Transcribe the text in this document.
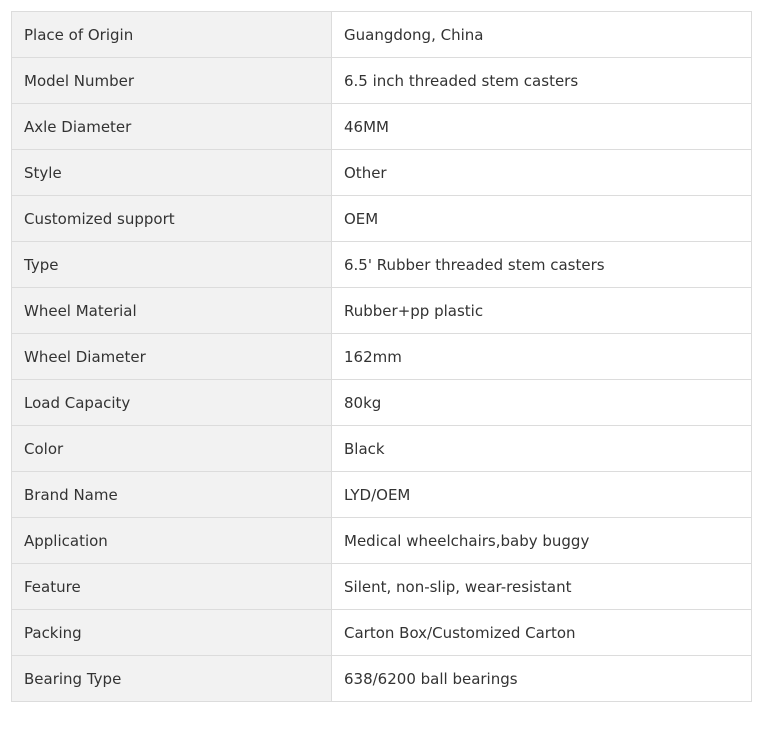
Place of Origin	Guangdong, China
Model Number	6.5 inch threaded stem casters
Axle Diameter	46MM
Style	Other
Customized support	OEM
Type	6.5' Rubber threaded stem casters
Wheel Material	Rubber+pp plastic
Wheel Diameter	162mm
Load Capacity	80kg
Color	Black
Brand Name	LYD/OEM
Application	Medical wheelchairs,baby buggy
Feature	Silent, non-slip, wear-resistant
Packing	Carton Box/Customized Carton
Bearing Type	638/6200 ball bearings
